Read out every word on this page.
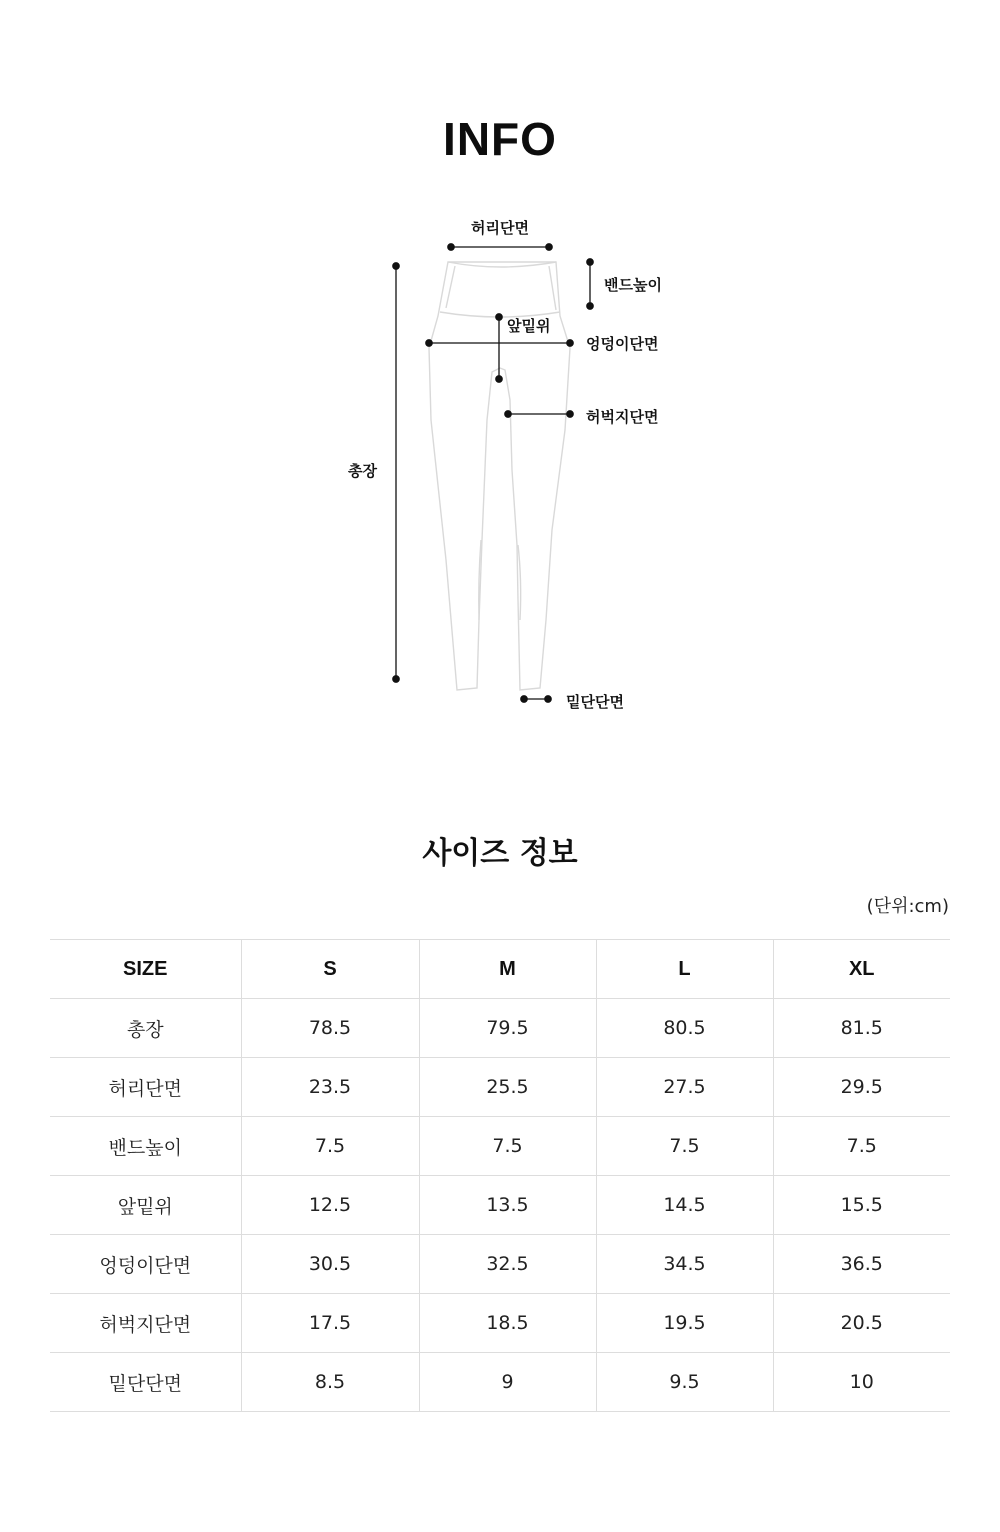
INFO
허리단면
밴드높이
앞밑위
엉덩이단면
허벅지단면
총장
밑단단면
사이즈 정보
(단위:cm)
SIZE	S	M	L	XL
총장	78.5	79.5	80.5	81.5
허리단면	23.5	25.5	27.5	29.5
밴드높이	7.5	7.5	7.5	7.5
앞밑위	12.5	13.5	14.5	15.5
엉덩이단면	30.5	32.5	34.5	36.5
허벅지단면	17.5	18.5	19.5	20.5
밑단단면	8.5	9	9.5	10
